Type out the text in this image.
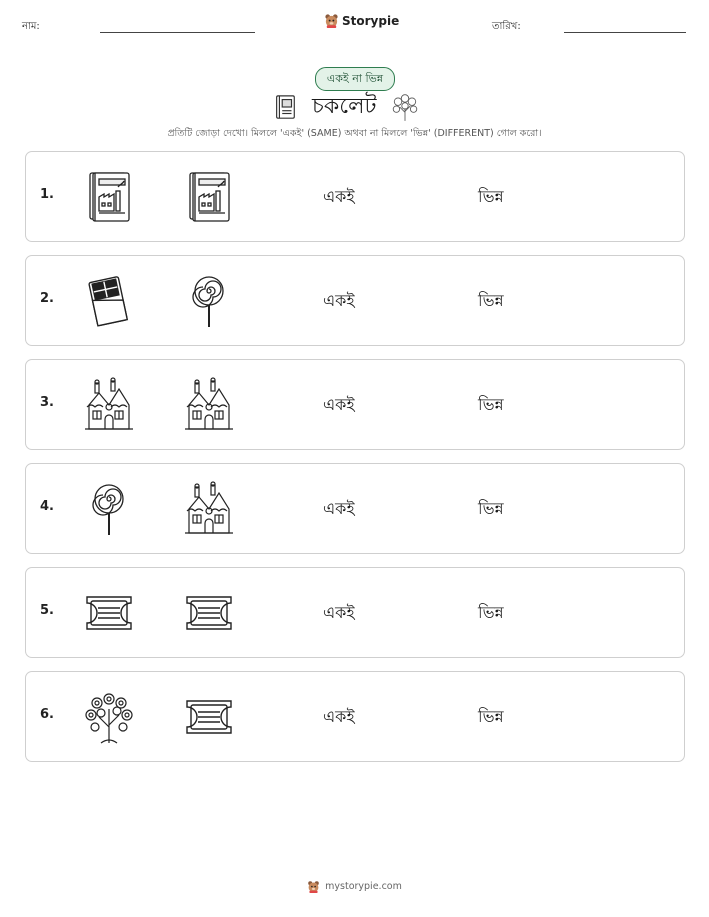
নাম:	Storypie	তারিখ:
একই না ভিন্ন
চকলেট
প্রতিটি জোড়া দেখো। মিললে 'একই' (SAME) অথবা না মিললে 'ভিন্ন' (DIFFERENT) গোল করো।
1.	একই	ভিন্ন
2.	একই	ভিন্ন
3.	একই	ভিন্ন
4.	একই	ভিন্ন
5.	একই	ভিন্ন
6.	একই	ভিন্ন
mystorypie.com
